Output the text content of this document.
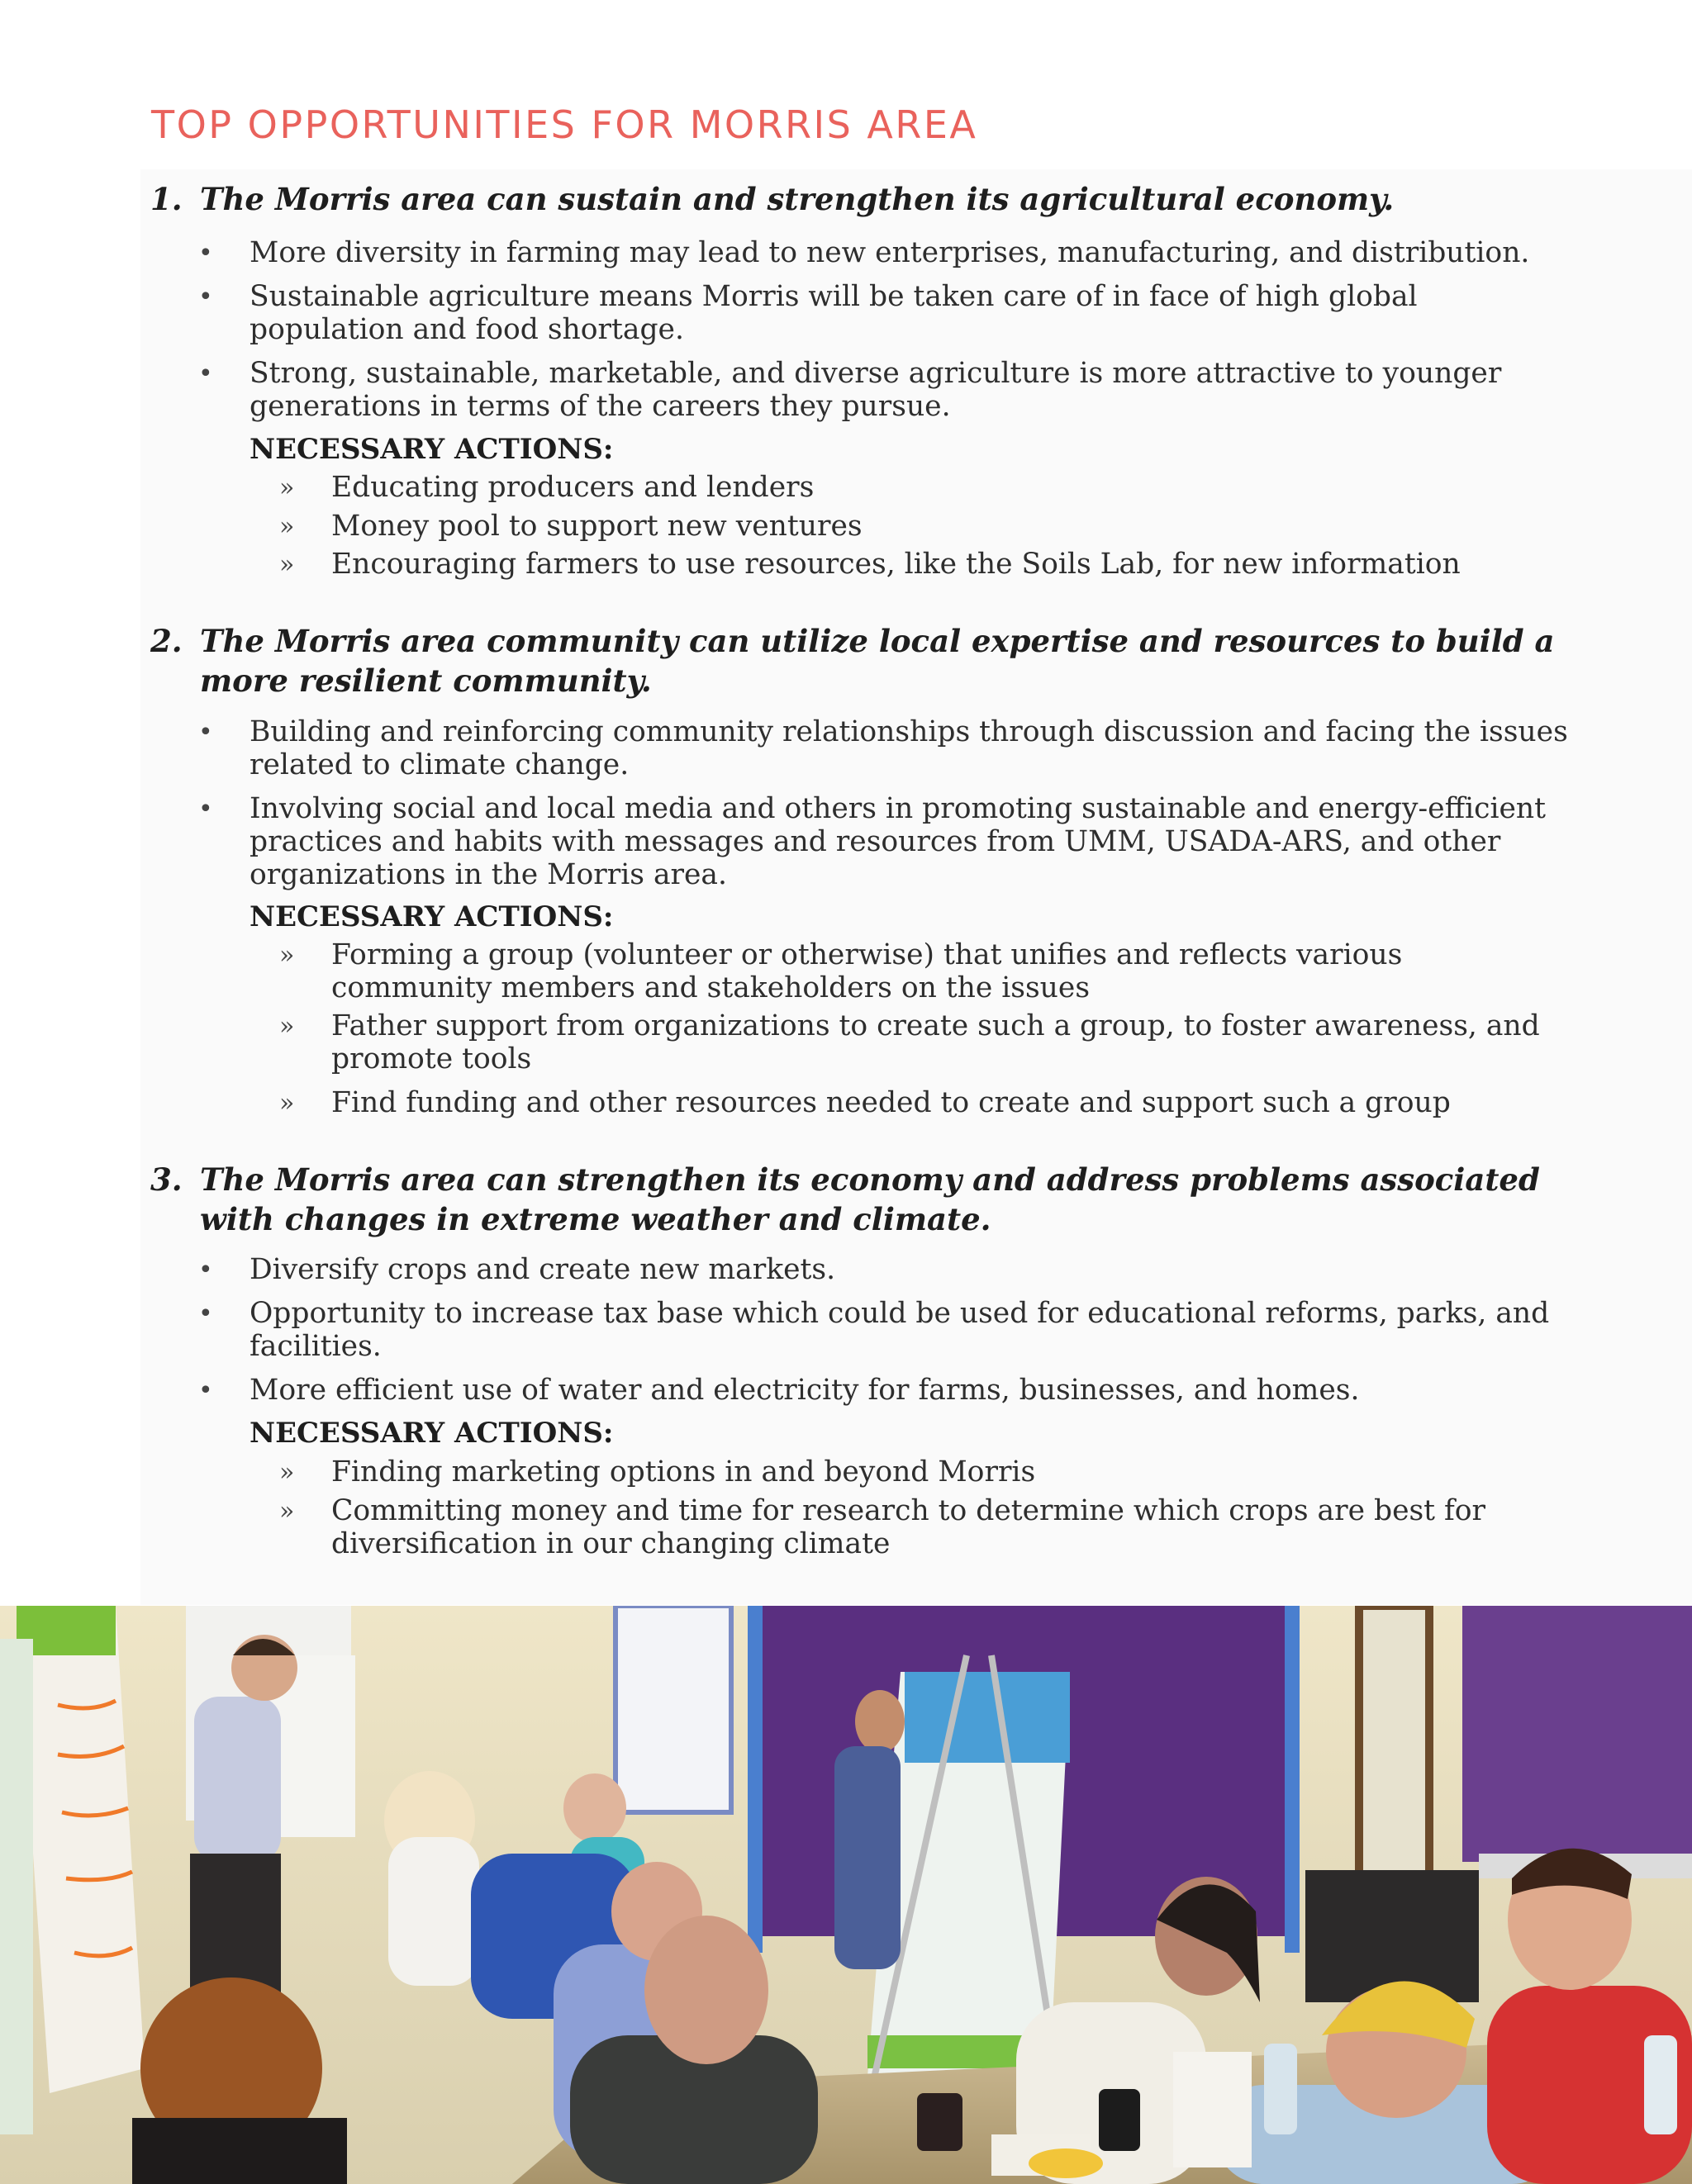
TOP OPPORTUNITIES FOR MORRIS AREA
1. The Morris area can sustain and strengthen its agricultural economy.
• More diversity in farming may lead to new enterprises, manufacturing, and distribution.
• Sustainable agriculture means Morris will be taken care of in face of high global population and food shortage.
• Strong, sustainable, marketable, and diverse agriculture is more attractive to younger generations in terms of the careers they pursue.
NECESSARY ACTIONS:
» Educating producers and lenders
» Money pool to support new ventures
» Encouraging farmers to use resources, like the Soils Lab, for new information
2. The Morris area community can utilize local expertise and resources to build a more resilient community.
• Building and reinforcing community relationships through discussion and facing the issues related to climate change.
• Involving social and local media and others in promoting sustainable and energy-efficient practices and habits with messages and resources from UMM, USADA-ARS, and other organizations in the Morris area.
NECESSARY ACTIONS:
» Forming a group (volunteer or otherwise) that unifies and reflects various community members and stakeholders on the issues
» Father support from organizations to create such a group, to foster awareness, and promote tools
» Find funding and other resources needed to create and support such a group
3. The Morris area can strengthen its economy and address problems associated with changes in extreme weather and climate.
• Diversify crops and create new markets.
• Opportunity to increase tax base which could be used for educational reforms, parks, and facilities.
• More efficient use of water and electricity for farms, businesses, and homes.
NECESSARY ACTIONS:
» Finding marketing options in and beyond Morris
» Committing money and time for research to determine which crops are best for diversification in our changing climate
